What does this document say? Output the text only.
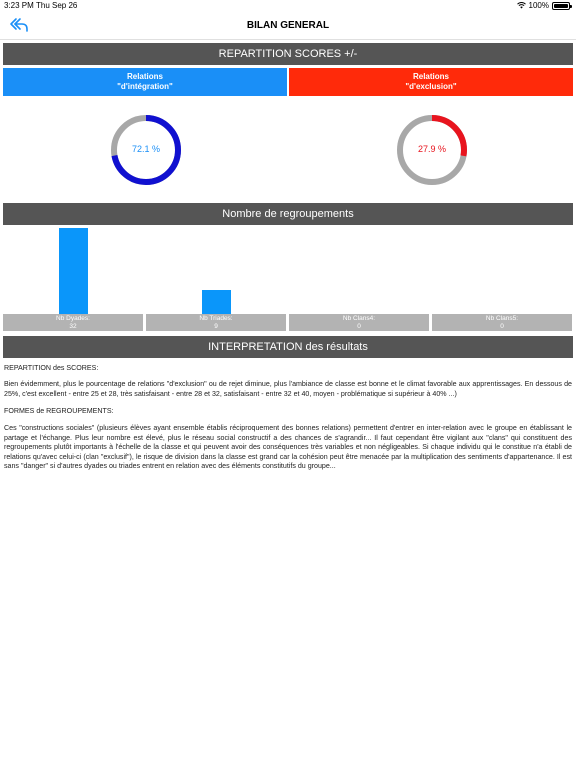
3:23 PM Thu Sep 26	100%
BILAN GENERAL
REPARTITION SCORES +/-
Relations
"d'intégration"
Relations
"d'exclusion"
72.1 %	27.9 %
Nombre de regroupements
Nb Dyades:
32
Nb Triades:
9
Nb Clans4:
0
Nb Clans5:
0
INTERPRETATION des résultats
REPARTITION des SCORES:
Bien évidemment, plus le pourcentage de relations "d'exclusion" ou de rejet diminue, plus l'ambiance de classe est bonne et le climat favorable aux apprentissages. En dessous de 25%, c'est excellent - entre 25 et 28, très satisfaisant - entre 28 et 32, satisfaisant - entre 32 et 40, moyen - problématique si supérieur à 40% ...)
FORMES de REGROUPEMENTS:
Ces "constructions sociales" (plusieurs élèves ayant ensemble établis réciproquement des bonnes relations) permettent d'entrer en inter-relation avec le groupe en établissant le partage et l'échange. Plus leur nombre est élevé, plus le réseau social constructif a des chances de s'agrandir... Il faut cependant être vigilant aux "clans" qui constituent des regroupements plutôt importants à l'échelle de la classe et qui peuvent avoir des conséquences très variables et non négligeables. Si chaque individu qui le constitue n'a établi de relations qu'avec celui-ci (clan "exclusif"), le risque de division dans la classe est grand car la cohésion peut être menacée par la multiplication des sentiments d'appartenance. Il est sans "danger" si d'autres dyades ou triades entrent en relation avec des éléments constitutifs du groupe...
